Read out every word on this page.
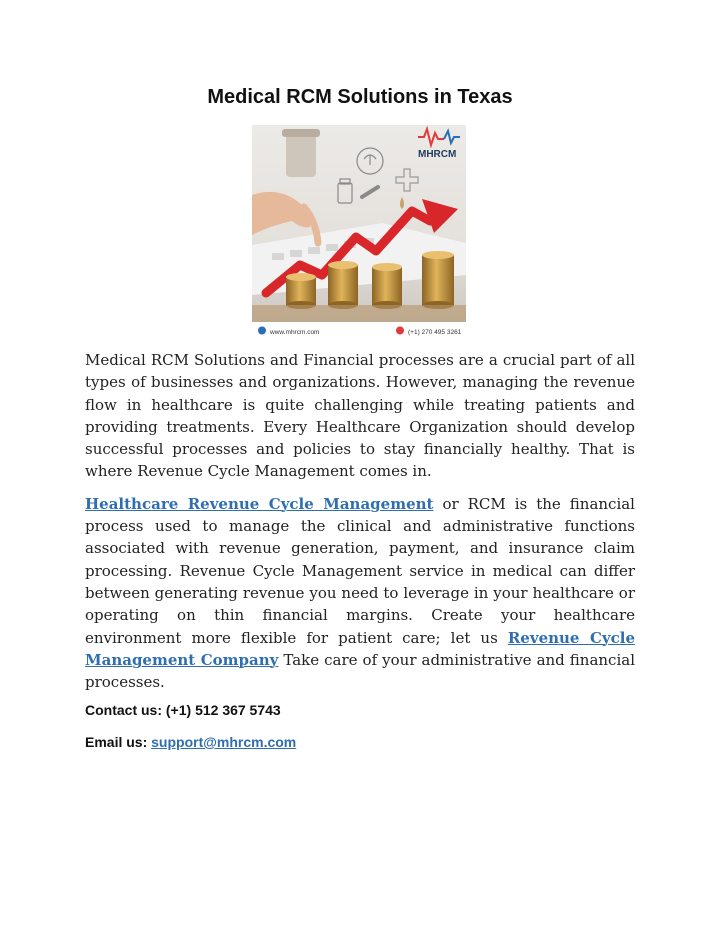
Medical RCM Solutions in Texas
www.mhrcm.com	(+1) 270 495 3261
MHRCM

Medical RCM Solutions and Financial processes are a crucial part of all types of businesses and organizations. However, managing the revenue flow in healthcare is quite challenging while treating patients and providing treatments. Every Healthcare Organization should develop successful processes and policies to stay financially healthy. That is where Revenue Cycle Management comes in.

Healthcare Revenue Cycle Management or RCM is the financial process used to manage the clinical and administrative functions associated with revenue generation, payment, and insurance claim processing. Revenue Cycle Management service in medical can differ between generating revenue you need to leverage in your healthcare or operating on thin financial margins. Create your healthcare environment more flexible for patient care; let us Revenue Cycle Management Company Take care of your administrative and financial processes.

Contact us: (+1) 512 367 5743
Email us: support@mhrcm.com
